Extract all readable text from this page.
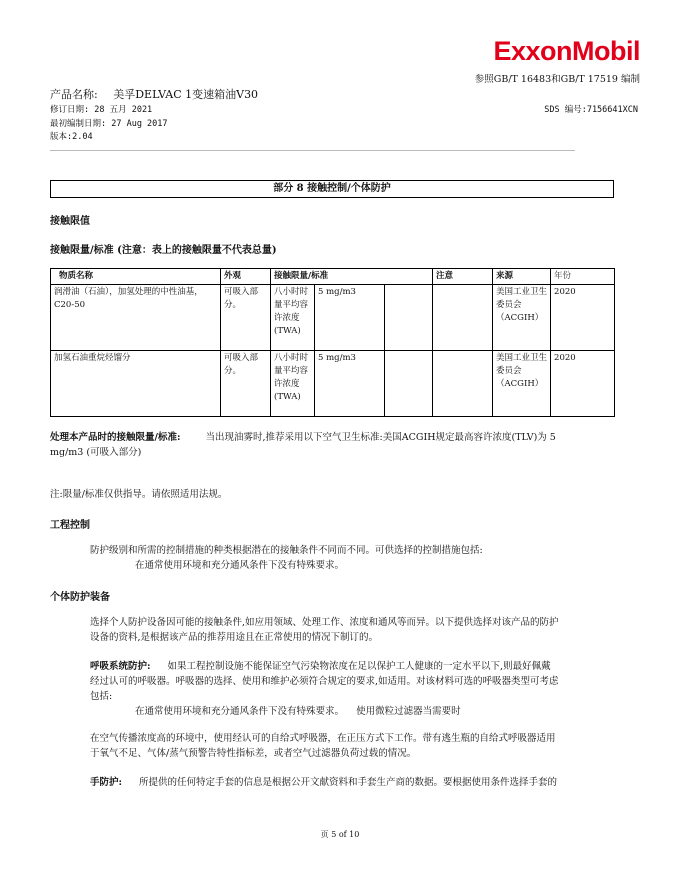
ExxonMobil
参照GB/T 16483和GB/T 17519 编制
产品名称: 美孚DELVAC 1变速箱油V30
修订日期: 28 五月 2021	SDS 编号:7156641XCN
最初编制日期: 27 Aug 2017
版本:2.04
部分 8 接触控制/个体防护
接触限值
接触限量/标准 (注意：表上的接触限量不代表总量)
物质名称	外观	接触限量/标准			注意	来源	年份
润滑油（石油），加氢处理的中性油基，C20-50	可吸入部分。	八小时时量平均容许浓度
(TWA)	5 mg/m3			美国工业卫生委员会（ACGIH）	2020
加氢石油重烷烃馏分	可吸入部分。	八小时时量平均容许浓度
(TWA)	5 mg/m3			美国工业卫生委员会（ACGIH）	2020
处理本产品时的接触限量/标准:	当出现油雾时,推荐采用以下空气卫生标准:美国ACGIH规定最高容许浓度(TLV)为 5
mg/m3 (可吸入部分)
注:限量/标准仅供指导。请依照适用法规。
工程控制
防护级别和所需的控制措施的种类根据潜在的接触条件不同而不同。可供选择的控制措施包括:
在通常使用环境和充分通风条件下没有特殊要求。
个体防护装备
选择个人防护设备因可能的接触条件,如应用领域、处理工作、浓度和通风等而异。以下提供选择对该产品的防护
设备的资料,是根据该产品的推荐用途且在正常使用的情况下制订的。
呼吸系统防护: 如果工程控制设施不能保证空气污染物浓度在足以保护工人健康的一定水平以下,则最好佩戴
经过认可的呼吸器。呼吸器的选择、使用和维护必须符合规定的要求,如适用。对该材料可选的呼吸器类型可考虑
包括:
在通常使用环境和充分通风条件下没有特殊要求。    使用微粒过滤器当需要时
在空气传播浓度高的环境中，使用经认可的自给式呼吸器，在正压方式下工作。带有逃生瓶的自给式呼吸器适用
于氧气不足、气体/蒸气预警告特性指标差，或者空气过滤器负荷过载的情况。
手防护: 所提供的任何特定手套的信息是根据公开文献资料和手套生产商的数据。要根据使用条件选择手套的
页 5 of 10
